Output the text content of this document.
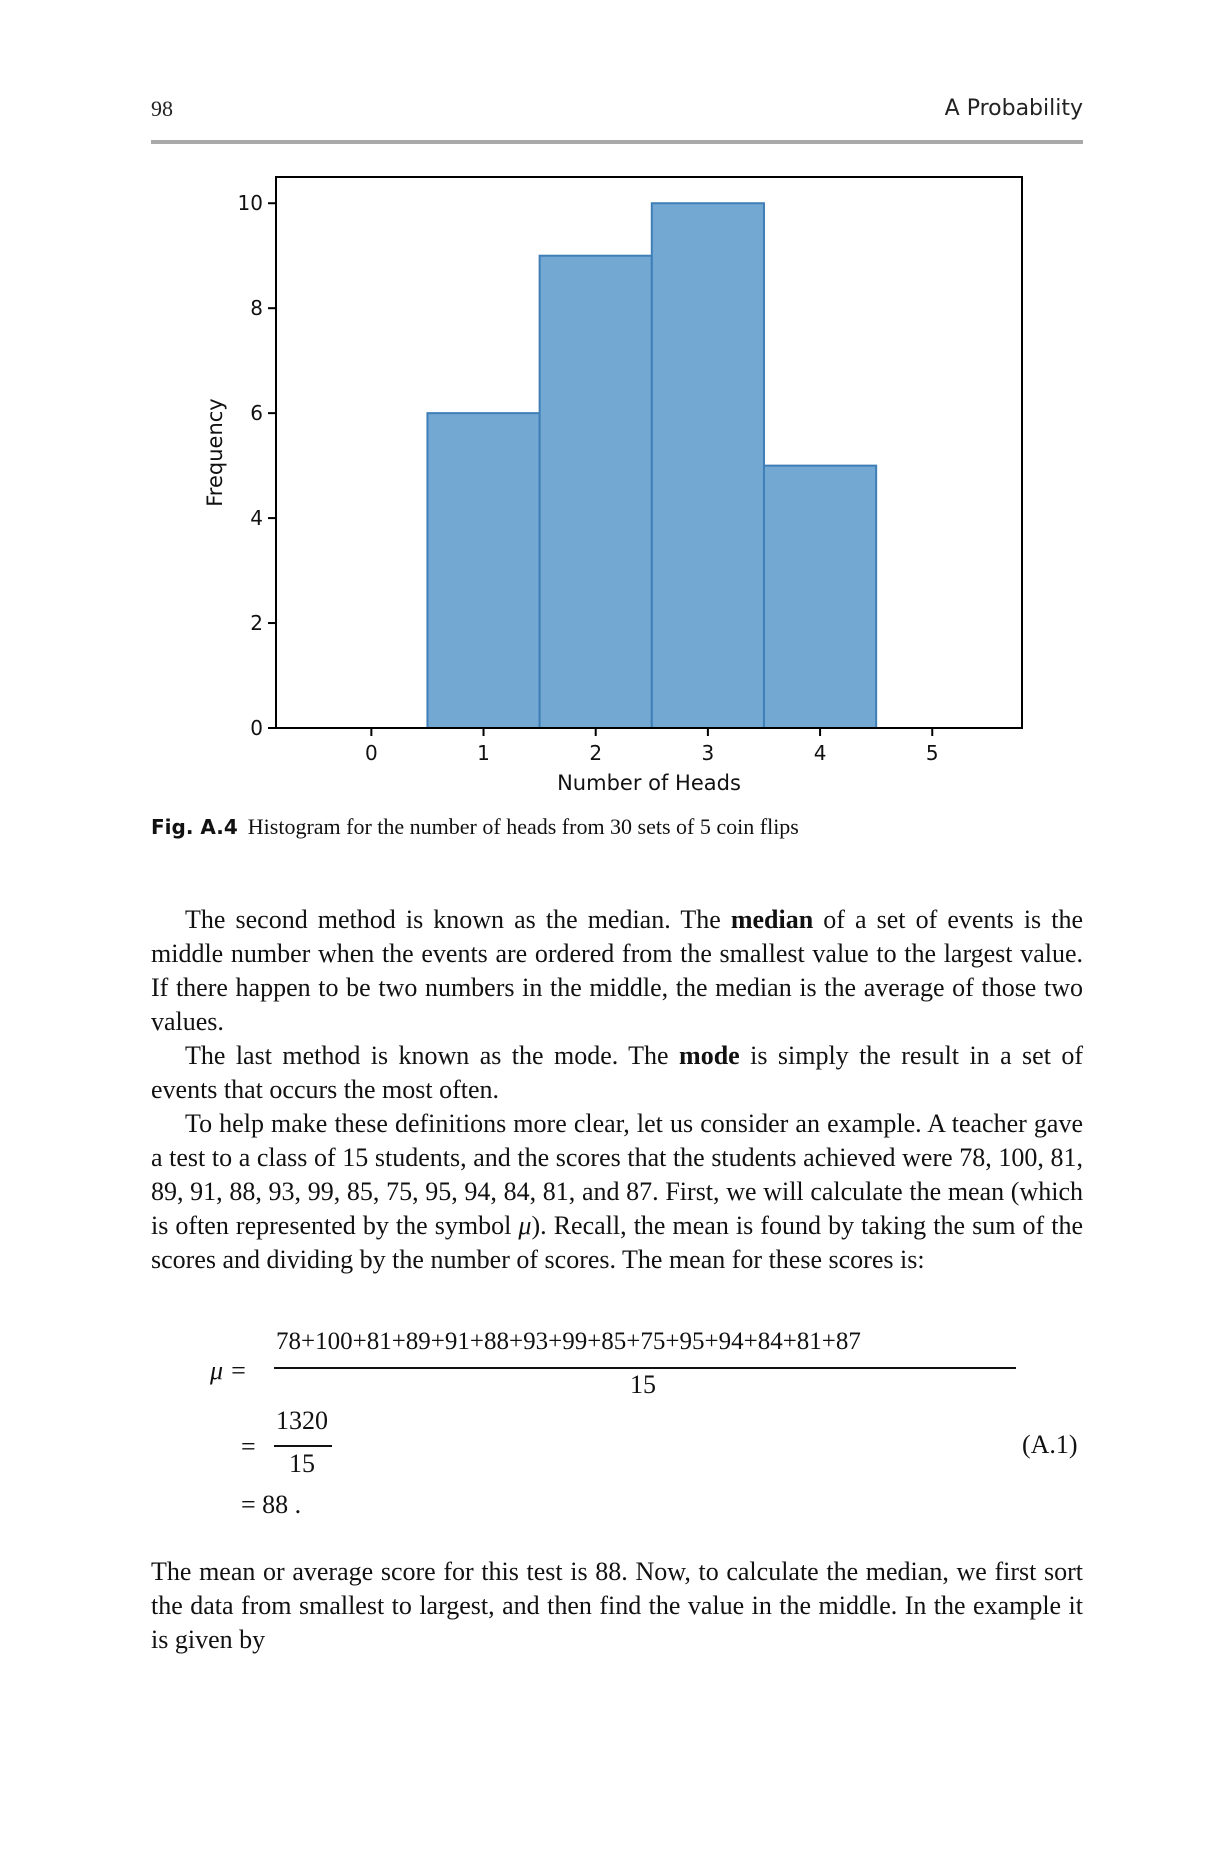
98	A Probability
0
2
4
6
8
10
0	1	2	3	4	5
Number of Heads
Frequency
Fig. A.4 Histogram for the number of heads from 30 sets of 5 coin flips

The second method is known as the median. The median of a set of events is the middle number when the events are ordered from the smallest value to the largest value. If there happen to be two numbers in the middle, the median is the average of those two values.

The last method is known as the mode. The mode is simply the result in a set of events that occurs the most often.

To help make these definitions more clear, let us consider an example. A teacher gave a test to a class of 15 students, and the scores that the students achieved were 78, 100, 81, 89, 91, 88, 93, 99, 85, 75, 95, 94, 84, 81, and 87. First, we will calculate the mean (which is often represented by the symbol μ). Recall, the mean is found by taking the sum of the scores and dividing by the number of scores. The mean for these scores is:

μ =
78+100+81+89+91+88+93+99+85+75+95+94+84+81+87
15
=
1320
15
= 88 .
(A.1)

The mean or average score for this test is 88. Now, to calculate the median, we first sort the data from smallest to largest, and then find the value in the middle. In the example it is given by
